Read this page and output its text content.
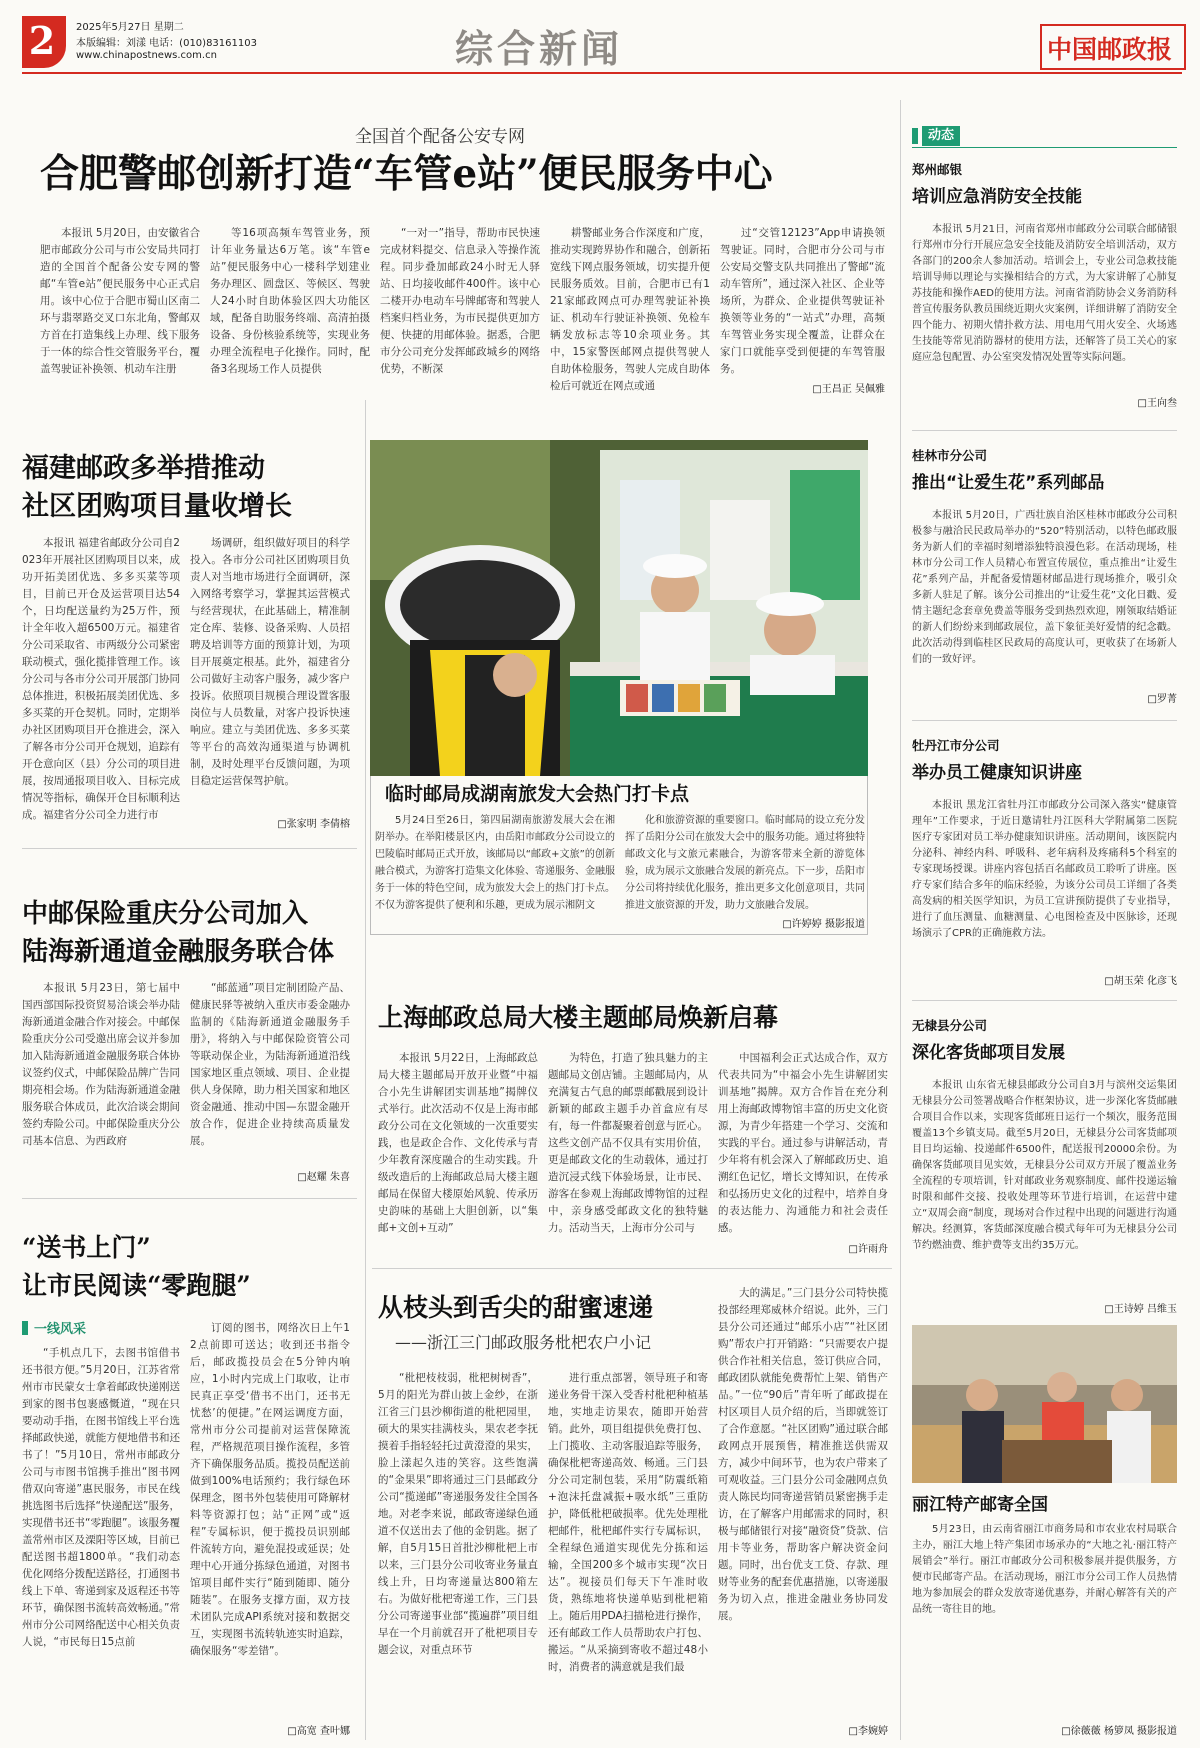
2	2025年5月27日 星期二
本版编辑：刘漾 电话：(010)83161103
www.chinapostnews.com.cn	综合新闻	中国邮政报
全国首个配备公安专网
合肥警邮创新打造“车管e站”便民服务中心

本报讯 5月20日，由安徽省合肥市邮政分公司与市公安局共同打造的全国首个配备公安专网的警邮“车管e站”便民服务中心正式启用。该中心位于合肥市蜀山区南二环与翡翠路交叉口东北角，警邮双方首在打造集线上办理、线下服务于一体的综合性交管服务平台，覆盖驾驶证补换领、机动车注册

等16项高频车驾管业务，预计年业务量达6万笔。该“车管e站”便民服务中心一楼科学划建业务办理区、圆盘区、等候区、驾驶人24小时自助体验区四大功能区域，配备自助服务终端、高清拍摄设备、身份核验系统等，实现业务办理全流程电子化操作。同时，配备3名现场工作人员提供

“一对一”指导，帮助市民快速完成材料提交、信息录入等操作流程。同步叠加邮政24小时无人驿站、日均接收邮件400件。该中心二楼开办电动车号牌邮寄和驾驶人档案归档业务，为市民提供更加方便、快捷的用邮体验。据悉，合肥市分公司充分发挥邮政城乡的网络优势，不断深

耕警邮业务合作深度和广度，推动实现跨界协作和融合，创新拓宽线下网点服务领域，切实提升便民服务质效。目前，合肥市已有121家邮政网点可办理驾驶证补换证、机动车行驶证补换领、免检车辆发放标志等10余项业务。其中，15家警医邮网点提供驾驶人自助体检服务，驾驶人完成自助体检后可就近在网点或通

过“交管12123”App申请换领驾驶证。同时，合肥市分公司与市公安局交警支队共同推出了警邮“流动车管所”，通过深入社区、企业等场所，为群众、企业提供驾驶证补换领等业务的“一站式”办理，高频车驾管业务实现全覆盖，让群众在家门口就能享受到便捷的车驾管服务。

□王昌正 吴佩雅
福建邮政多举措推动
社区团购项目量收增长

本报讯 福建省邮政分公司自2023年开展社区团购项目以来，成功开拓美团优选、多多买菜等项目，目前已开仓及运营项目达54个，日均配送量约为25万件，预计全年收入超6500万元。福建省分公司采取省、市两级分公司紧密联动模式，强化揽排管理工作。该分公司与各市分公司开展部门协同总体推进，积极拓展美团优选、多多买菜的开仓契机。同时，定期举办社区团购项目开仓推进会，深入了解各市分公司开仓规划，追踪有开仓意向区（县）分公司的项目进展，按周通报项目收入、目标完成情况等指标，确保开仓目标顺利达成。福建省分公司全力进行市

场调研，组织做好项目的科学投入。各市分公司社区团购项目负责人对当地市场进行全面调研，深入网络考察学习，掌握其运营模式与经营现状，在此基础上，精准制定仓库、装修、设备采购、人员招聘及培训等方面的预算计划，为项目开展奠定根基。此外，福建省分公司做好主动客户服务，减少客户投诉。依照项目规模合理设置客服岗位与人员数量，对客户投诉快速响应。建立与美团优选、多多买菜等平台的高效沟通渠道与协调机制，及时处理平台反馈问题，为项目稳定运营保驾护航。

□张家明 李倩榕
临时邮局成湖南旅发大会热门打卡点

5月24日至26日，第四届湖南旅游发展大会在湘阴举办。在举阳楼景区内，由岳阳市邮政分公司设立的巴陵临时邮局正式开放，该邮局以“邮政+文旅”的创新融合模式，为游客打造集文化体验、寄递服务、金融服务于一体的特色空间，成为旅发大会上的热门打卡点。不仅为游客提供了便利和乐趣，更成为展示湘阴文

化和旅游资源的重要窗口。临时邮局的设立充分发挥了岳阳分公司在旅发大会中的服务功能。通过将独特邮政文化与文旅元素融合，为游客带来全新的游览体验，成为展示文旅融合发展的新亮点。下一步，岳阳市分公司将持续优化服务，推出更多文化创意项目，共同推进文旅资源的开发，助力文旅融合发展。

□许婷婷 摄影报道
中邮保险重庆分公司加入
陆海新通道金融服务联合体

本报讯 5月23日，第七届中国西部国际投资贸易洽谈会举办陆海新通道金融合作对接会。中邮保险重庆分公司受邀出席会议并参加加入陆海新通道金融服务联合体协议签约仪式，中邮保险品牌广告同期亮相会场。作为陆海新通道金融服务联合体成员，此次洽谈会期间签约寿险公司。中邮保险重庆分公司基本信息、为西政府

“邮蓝通”项目定制团险产品、健康民驿等被纳入重庆市委金融办监制的《陆海新通道金融服务手册》，将纳入与中邮保险资管公司等联动保企业，为陆海新通道沿线国家地区重点领域、项目、企业提供人身保障，助力相关国家和地区资金融通、推动中国—东盟金融开放合作，促进企业持续高质量发展。

□赵耀 朱喜
上海邮政总局大楼主题邮局焕新启幕

本报讯 5月22日，上海邮政总局大楼主题邮局开放开业暨“中福合小先生讲解团实训基地”揭牌仪式举行。此次活动不仅是上海市邮政分公司在文化领域的一次重要实践，也是政企合作、文化传承与青少年教育深度融合的生动实践。升级改造后的上海邮政总局大楼主题邮局在保留大楼原始风貌、传承历史韵味的基础上大胆创新，以“集邮+文创+互动”

为特色，打造了独具魅力的主题邮局文创店铺。主题邮局内，从充满复古气息的邮票邮戳展到设计新颖的邮政主题手办首盒应有尽有，每一件都凝聚着创意与匠心。这些文创产品不仅具有实用价值，更是邮政文化的生动载体，通过打造沉浸式线下体验场景，让市民、游客在参观上海邮政博物馆的过程中，亲身感受邮政文化的独特魅力。活动当天，上海市分公司与

中国福利会正式达成合作，双方代表共同为“中福会小先生讲解团实训基地”揭牌。双方合作旨在充分利用上海邮政博物馆丰富的历史文化资源，为青少年搭建一个学习、交流和实践的平台。通过参与讲解活动，青少年将有机会深入了解邮政历史、追溯红色记忆，增长文博知识，在传承和弘扬历史文化的过程中，培养自身的表达能力、沟通能力和社会责任感。

□许雨舟
“送书上门”
让市民阅读“零跑腿”
一线风采

“手机点几下，去图书馆借书还书很方便。”5月20日，江苏省常州市市民蒙女士拿着邮政快递刚送到家的图书包裹感慨道，“现在只要动动手指，在图书馆线上平台选择邮政快递，就能方便地借书和还书了！”5月10日，常州市邮政分公司与市图书馆携手推出“图书网借双向寄递”惠民服务，市民在线挑选图书后选择“快递配送”服务，实现借书还书“零跑腿”。该服务覆盖常州市区及溧阳等区域，目前已配送图书超1800单。“我们动态优化网络分拨配送路径，打通图书线上下单、寄递到家及返程还书等环节，确保图书流转高效畅通。”常州市分公司网络配送中心相关负责人说，“市民每日15点前

订阅的图书，网络次日上午12点前即可送达；收到还书指令后，邮政揽投员会在5分钟内响应，1小时内完成上门取收，让市民真正享受‘借书不出门，还书无忧愁’的便捷。”在网运调度方面，常州市分公司提前对运营保障流程，严格规范项目操作流程，多管齐下确保服务品质。揽投员配送前做到100%电话预约；我行绿色环保理念，图书外包装使用可降解材料等资源打包；站“正网”或“返程”专属标识，便于揽投员识别邮件流转方向，避免混投或延误；处理中心开通分拣绿色通道，对图书馆项目邮件实行“随到随即、随分随装”。在服务支撑方面，双方技术团队完成API系统对接和数据交互，实现图书流转轨迹实时追踪，确保服务“零差错”。

□高宽 查叶娜
从枝头到舌尖的甜蜜速递
——浙江三门邮政服务枇杷农户小记

“枇杷枝枝弱，枇杷树树香”，5月的阳光为群山披上金纱，在浙江省三门县沙柳街道的枇杷园里，硕大的果实挂满枝头，果农老李抚摸着手指轻轻托过黄澄澄的果实，脸上漾起久违的笑容。这些饱满的“金果果”即将通过三门县邮政分公司“揽递邮”寄递服务发往全国各地。对老李来说，邮政寄递绿色通道不仅送出去了他的金钥匙。据了解，自5月15日首批沙柳枇杷上市以来，三门县分公司收寄业务量直线上升，日均寄递量达800箱左右。为做好枇杷寄递工作，三门县分公司寄递事业部“揽遍群”项目组早在一个月前就召开了枇杷项目专题会议，对重点环节

进行重点部署，领导班子和寄递业务骨干深入受香村枇杷种植基地，实地走访果农，随即开始营销。此外，项目组提供免费打包、上门揽收、主动客服追踪等服务，确保枇杷寄递高效、畅通。三门县分公司定制包装，采用“防震纸箱+泡沫托盘减振+吸水纸”三重防护，降低枇杷破损率。优先处理枇杷邮件，枇杷邮件实行专属标识，全程绿色通道实现优先分拣和运输，全国200多个城市实现“次日达”。视接员们每天下午准时收货，熟练地将快递单贴到枇杷箱上。随后用PDA扫描枪进行操作，还有邮政工作人员帮助农户打包、搬运。“从采摘到寄收不超过48小时，消费者的满意就是我们最

大的满足。”三门县分公司特快揽投部经理郑威林介绍说。此外，三门县分公司还通过“邮乐小店”“社区团购”帮农户打开销路：“只需要农户提供合作社相关信息，签订供应合同，邮政团队就能免费帮忙上架、销售产品。”一位“90后”青年听了邮政提在村区项目人员介绍的后，当即就签订了合作意愿。“社区团购”通过联合邮政网点开展预售，精准推送供需双方，减少中间环节，也为农户带来了可观收益。三门县分公司金融网点负责人陈民均同寄递营销员紧密携手走访，在了解客户用邮需求的同时，积极与邮储银行对接“融资贷”贷款、信用卡等业务，帮助客户解决资金问题。同时，出台优支工贷、存款、理财等业务的配套优惠措施，以寄递服务为切入点，推进金融业务协同发展。

□李婉婷
动态
郑州邮银
培训应急消防安全技能

本报讯 5月21日，河南省郑州市邮政分公司联合邮储银行郑州市分行开展应急安全技能及消防安全培训活动，双方各部门的200余人参加活动。培训会上，专业公司急救技能培训导师以理论与实操相结合的方式，为大家讲解了心肺复苏技能和操作AED的使用方法。河南省消防协会义务消防科普宣传服务队教员围绕近期火灾案例，详细讲解了消防安全四个能力、初期火情扑救方法、用电用气用火安全、火场逃生技能等常见消防器材的使用方法，还解答了员工关心的家庭应急包配置、办公室突发情况处置等实际问题。

□王向叁
桂林市分公司
推出“让爱生花”系列邮品

本报讯 5月20日，广西壮族自治区桂林市邮政分公司积极参与融洽民民政局举办的“520”特别活动，以特色邮政服务为新人们的幸福时刻增添独特浪漫色彩。在活动现场，桂林市分公司工作人员精心布置宣传展位，重点推出“让爱生花”系列产品，并配备爱情题材邮品进行现场推介，吸引众多新人驻足了解。该分公司推出的“让爱生花”文化日戳、爱情主题纪念套章免费盖等服务受到热烈欢迎，刚领取结婚证的新人们纷纷来到邮政展位，盖下象征美好爱情的纪念戳。此次活动得到临桂区民政局的高度认可，更收获了在场新人们的一致好评。

□罗菁
牡丹江市分公司
举办员工健康知识讲座

本报讯 黑龙江省牡丹江市邮政分公司深入落实“健康管理年”工作要求，于近日邀请牡丹江医科大学附属第二医院医疗专家团对员工举办健康知识讲座。活动期间，该医院内分泌科、神经内科、呼吸科、老年病科及疼痛科5个科室的专家现场授课。讲座内容包括百名邮政员工聆听了讲座。医疗专家们结合多年的临床经验，为该分公司员工详细了各类高发病的相关医学知识，为员工宣讲预防提供了专业指导，进行了血压测量、血糖测量、心电图检查及中医脉诊，还现场演示了CPR的正确施救方法。

□胡玉荣 化彦飞
无棣县分公司
深化客货邮项目发展

本报讯 山东省无棣县邮政分公司自3月与滨州交运集团无棣县分公司签署战略合作框架协议，进一步深化客货邮融合项目合作以来，实现客货邮班日运行一个频次，服务范围覆盖13个乡镇支局。截至5月20日，无棣县分公司客货邮项目日均运输、投递邮件6500件，配送报刊20000余份。为确保客货邮项目见实效，无棣县分公司双方开展了覆盖业务全流程的专项培训，针对邮政业务观察制度、邮件投递运输时限和邮件交接、投收处理等环节进行培训，在运营中建立“双周会商”制度，现场对合作过程中出现的问题进行沟通解决。经测算，客货邮深度融合模式每年可为无棣县分公司节约燃油费、维护费等支出约35万元。

□王诗婷 吕维玉
丽江特产邮寄全国

5月23日，由云南省丽江市商务局和市农业农村局联合主办，丽江大地上特产集团市场承办的“大地之礼·丽江特产展销会”举行。丽江市邮政分公司积极参展并提供服务，方便市民邮寄产品。在活动现场，丽江市分公司工作人员热情地为参加展会的群众发放寄递优惠券，并耐心解答有关的产品统一寄往目的地。

□徐薇薇 杨箩凤 摄影报道
